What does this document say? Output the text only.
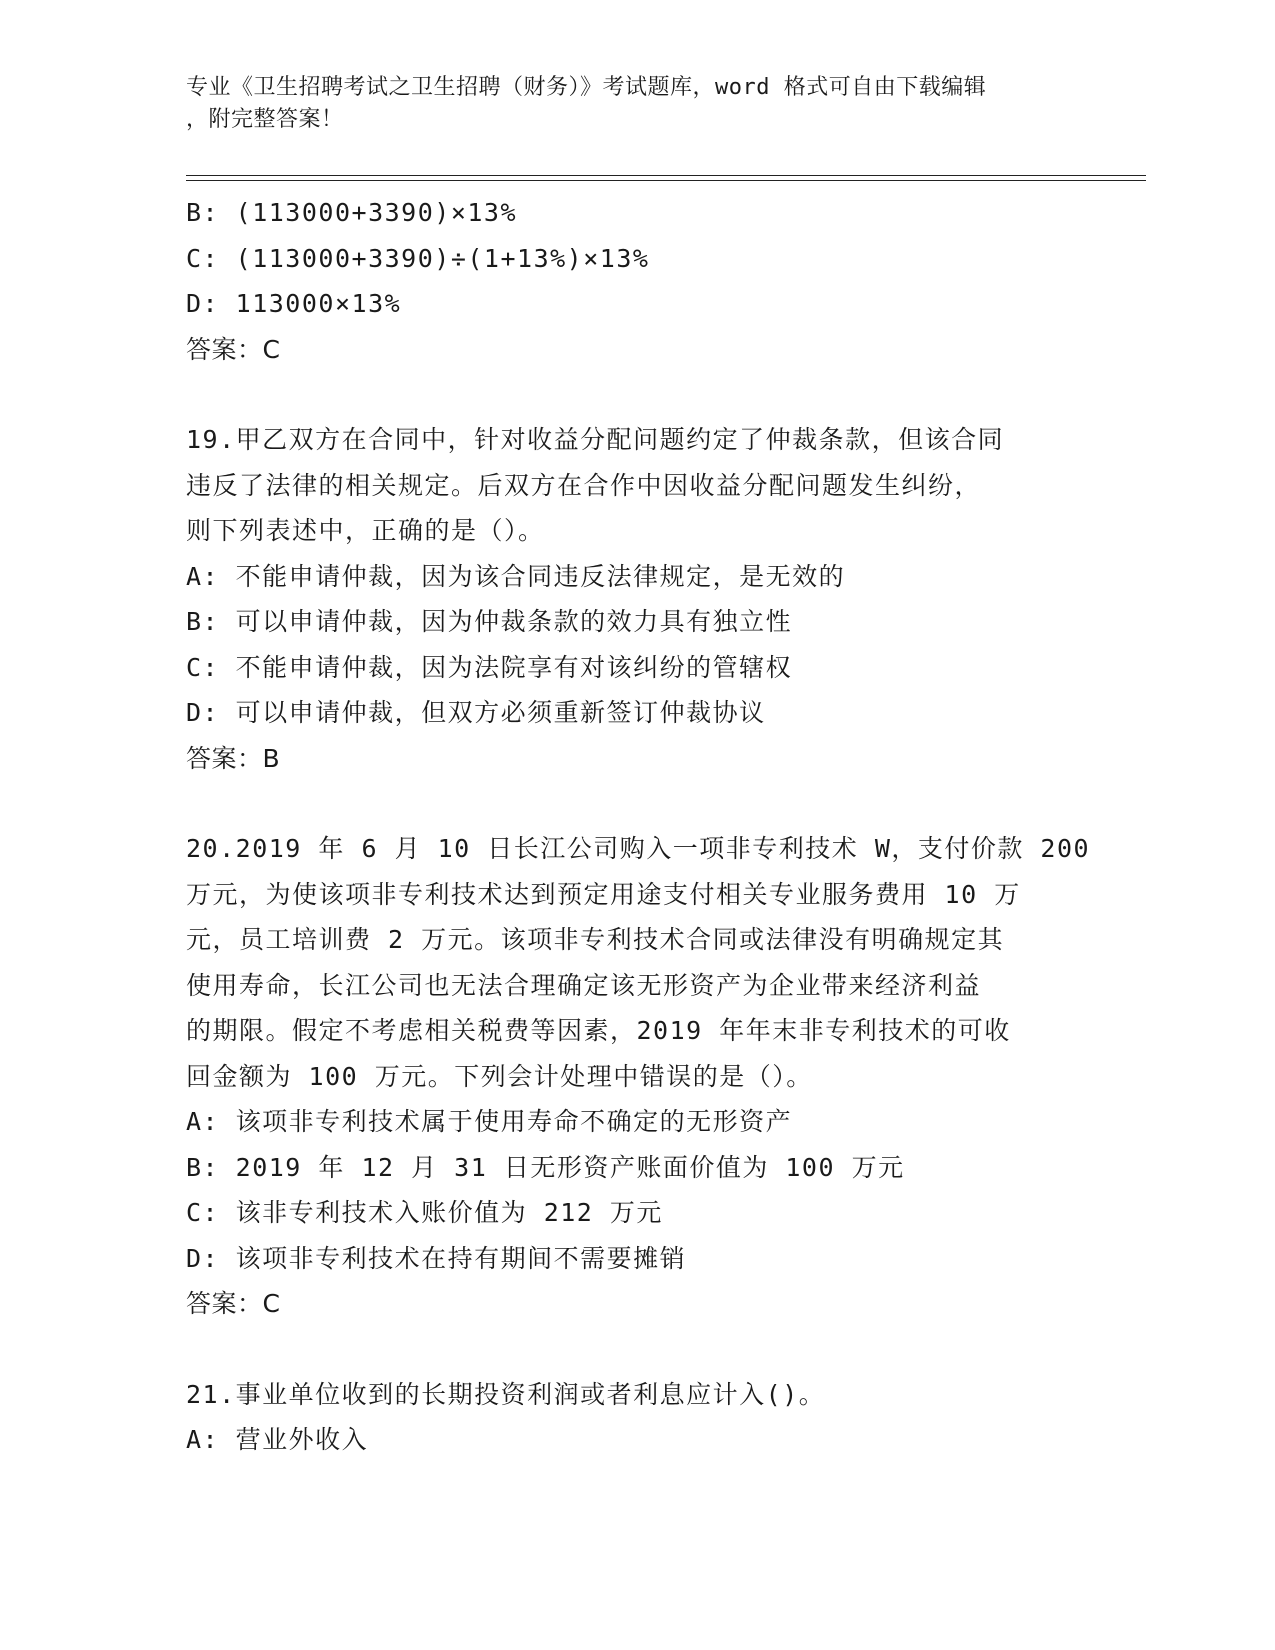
专业《卫生招聘考试之卫生招聘（财务）》考试题库，word 格式可自由下载编辑
，附完整答案！
B: (113000+3390)×13%
C: (113000+3390)÷(1+13%)×13%
D: 113000×13%
答案：C
19.甲乙双方在合同中，针对收益分配问题约定了仲裁条款，但该合同
违反了法律的相关规定。后双方在合作中因收益分配问题发生纠纷，
则下列表述中，正确的是（）。
A: 不能申请仲裁，因为该合同违反法律规定，是无效的
B: 可以申请仲裁，因为仲裁条款的效力具有独立性
C: 不能申请仲裁，因为法院享有对该纠纷的管辖权
D: 可以申请仲裁，但双方必须重新签订仲裁协议
答案：B
20.2019 年 6 月 10 日长江公司购入一项非专利技术 W，支付价款 200
万元，为使该项非专利技术达到预定用途支付相关专业服务费用 10 万
元，员工培训费 2 万元。该项非专利技术合同或法律没有明确规定其
使用寿命，长江公司也无法合理确定该无形资产为企业带来经济利益
的期限。假定不考虑相关税费等因素，2019 年年末非专利技术的可收
回金额为 100 万元。下列会计处理中错误的是（）。
A: 该项非专利技术属于使用寿命不确定的无形资产
B: 2019 年 12 月 31 日无形资产账面价值为 100 万元
C: 该非专利技术入账价值为 212 万元
D: 该项非专利技术在持有期间不需要摊销
答案：C
21.事业单位收到的长期投资利润或者利息应计入()。
A: 营业外收入
